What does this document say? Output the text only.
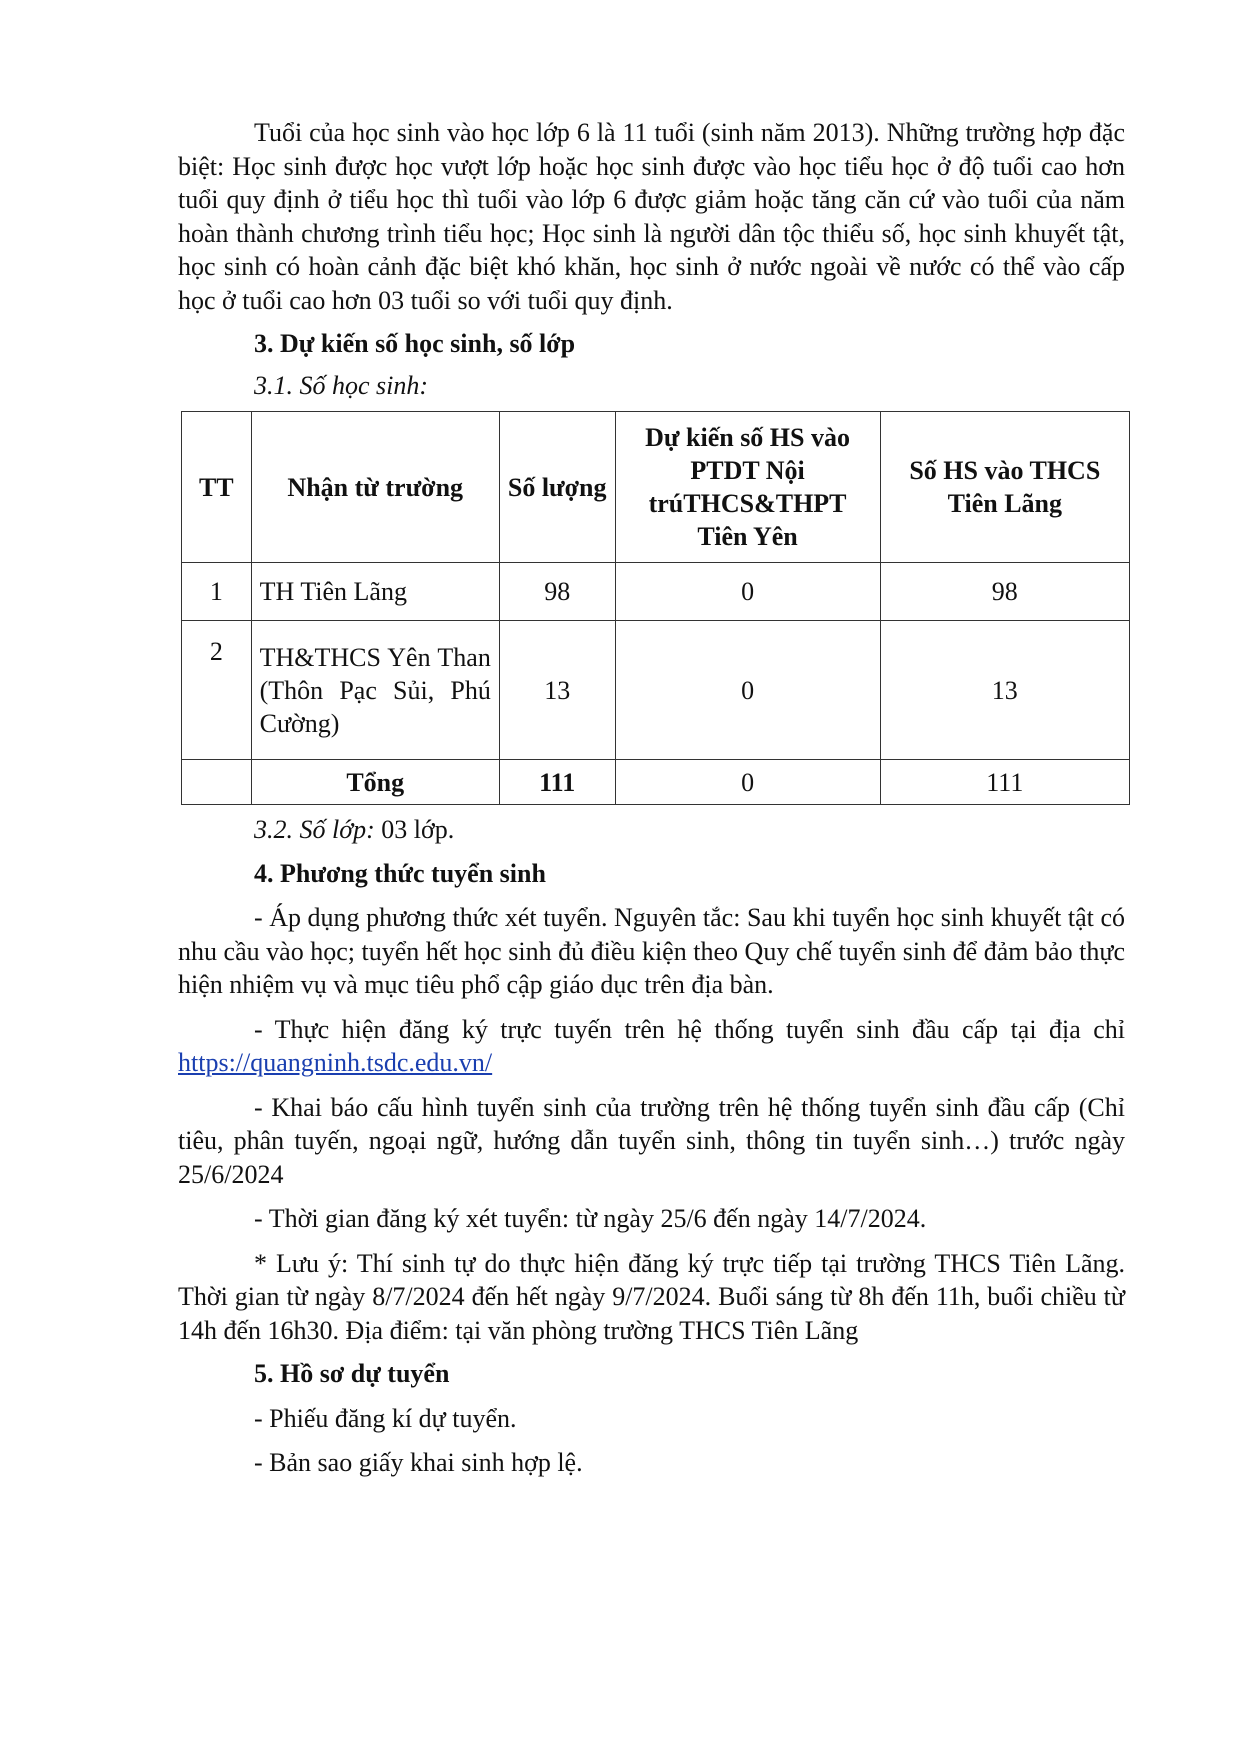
Tuổi của học sinh vào học lớp 6 là 11 tuổi (sinh năm 2013). Những trường hợp đặc biệt: Học sinh được học vượt lớp hoặc học sinh được vào học tiểu học ở độ tuổi cao hơn tuổi quy định ở tiểu học thì tuổi vào lớp 6 được giảm hoặc tăng căn cứ vào tuổi của năm hoàn thành chương trình tiểu học; Học sinh là người dân tộc thiểu số, học sinh khuyết tật, học sinh có hoàn cảnh đặc biệt khó khăn, học sinh ở nước ngoài về nước có thể vào cấp học ở tuổi cao hơn 03 tuổi so với tuổi quy định.

3. Dự kiến số học sinh, số lớp
3.1. Số học sinh:
TT	Nhận từ trường	Số lượng	Dự kiến số HS vào PTDT Nội trúTHCS&THPT Tiên Yên	Số HS vào THCS Tiên Lãng
1	TH Tiên Lãng	98	0	98
2	TH&THCS Yên Than (Thôn Pạc Sủi, Phú Cường)	13	0	13
	Tổng	111	0	111
3.2. Số lớp: 03 lớp.
4. Phương thức tuyển sinh

- Áp dụng phương thức xét tuyển. Nguyên tắc: Sau khi tuyển học sinh khuyết tật có nhu cầu vào học; tuyển hết học sinh đủ điều kiện theo Quy chế tuyển sinh để đảm bảo thực hiện nhiệm vụ và mục tiêu phổ cập giáo dục trên địa bàn.

- Thực hiện đăng ký trực tuyến trên hệ thống tuyển sinh đầu cấp tại địa chỉ https://quangninh.tsdc.edu.vn/

- Khai báo cấu hình tuyển sinh của trường trên hệ thống tuyển sinh đầu cấp (Chỉ tiêu, phân tuyến, ngoại ngữ, hướng dẫn tuyển sinh, thông tin tuyển sinh…) trước ngày 25/6/2024

- Thời gian đăng ký xét tuyển: từ ngày 25/6 đến ngày 14/7/2024.

* Lưu ý: Thí sinh tự do thực hiện đăng ký trực tiếp tại trường THCS Tiên Lãng. Thời gian từ ngày 8/7/2024 đến hết ngày 9/7/2024. Buổi sáng từ 8h đến 11h, buổi chiều từ 14h đến 16h30. Địa điểm: tại văn phòng trường THCS Tiên Lãng

5. Hồ sơ dự tuyển

- Phiếu đăng kí dự tuyển.

- Bản sao giấy khai sinh hợp lệ.
